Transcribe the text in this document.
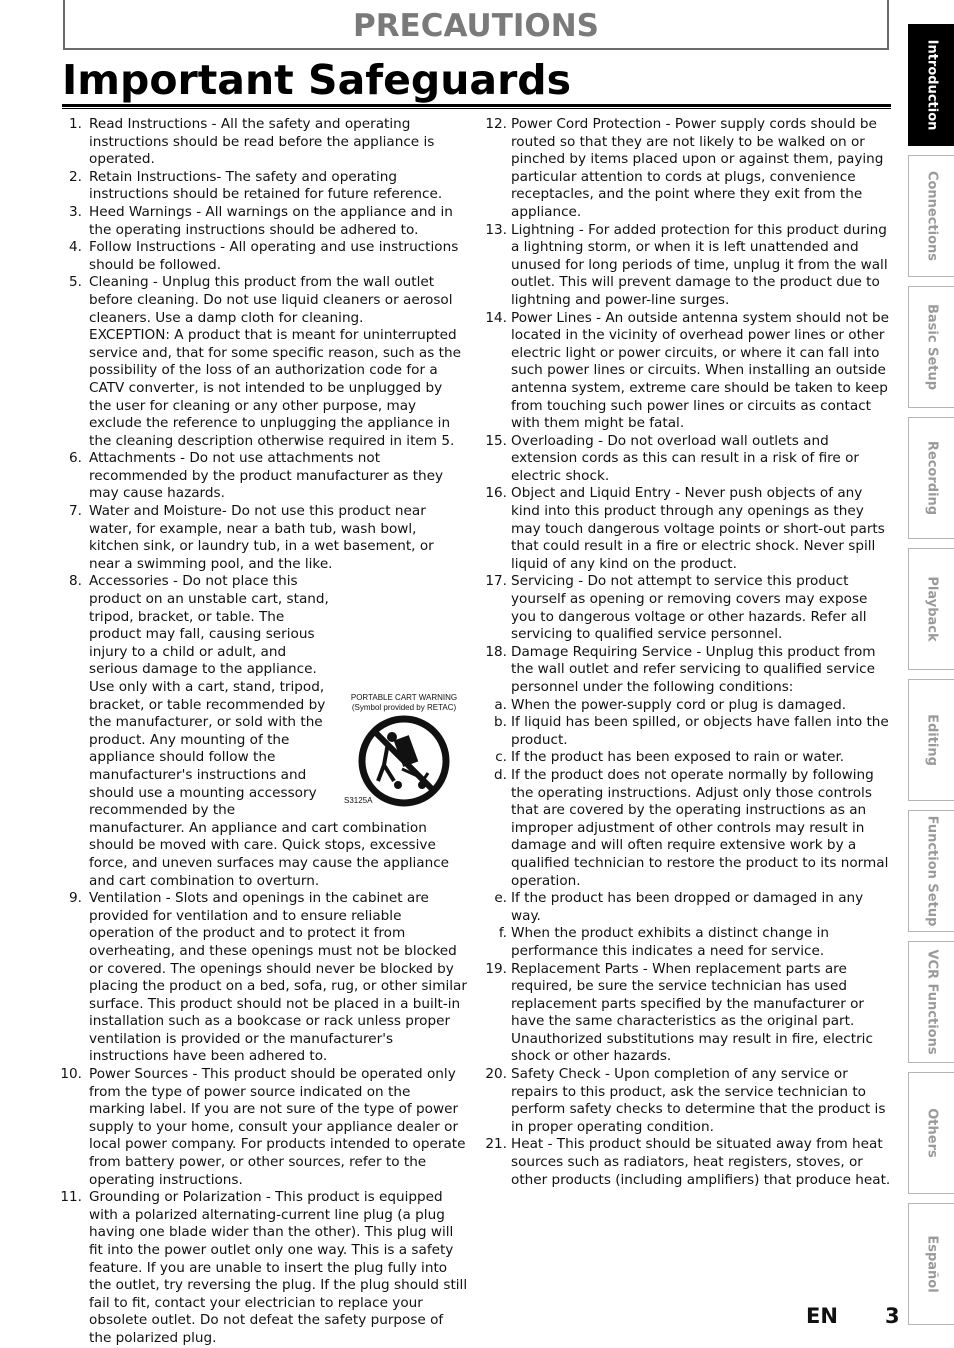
PRECAUTIONS
Important Safeguards
1. Read Instructions - All the safety and operating instructions should be read before the appliance is operated.
2. Retain Instructions- The safety and operating instructions should be retained for future reference.
3. Heed Warnings - All warnings on the appliance and in the operating instructions should be adhered to.
4. Follow Instructions - All operating and use instructions should be followed.
5. Cleaning - Unplug this product from the wall outlet before cleaning. Do not use liquid cleaners or aerosol cleaners. Use a damp cloth for cleaning.
EXCEPTION: A product that is meant for uninterrupted service and, that for some specific reason, such as the possibility of the loss of an authorization code for a CATV converter, is not intended to be unplugged by the user for cleaning or any other purpose, may exclude the reference to unplugging the appliance in the cleaning description otherwise required in item 5.
6. Attachments - Do not use attachments not recommended by the product manufacturer as they may cause hazards.
7. Water and Moisture- Do not use this product near water, for example, near a bath tub, wash bowl, kitchen sink, or laundry tub, in a wet basement, or near a swimming pool, and the like.
8.
PORTABLE CART WARNING
(Symbol provided by RETAC)
S3125A
Accessories - Do not place this product on an unstable cart, stand, tripod, bracket, or table. The product may fall, causing serious injury to a child or adult, and serious damage to the appliance. Use only with a cart, stand, tripod, bracket, or table recommended by the manufacturer, or sold with the product. Any mounting of the appliance should follow the manufacturer's instructions and should use a mounting accessory recommended by the manufacturer. An appliance and cart combination should be moved with care. Quick stops, excessive force, and uneven surfaces may cause the appliance and cart combination to overturn.
9. Ventilation - Slots and openings in the cabinet are provided for ventilation and to ensure reliable operation of the product and to protect it from overheating, and these openings must not be blocked or covered. The openings should never be blocked by placing the product on a bed, sofa, rug, or other similar surface. This product should not be placed in a built-in installation such as a bookcase or rack unless proper ventilation is provided or the manufacturer's instructions have been adhered to.
10. Power Sources - This product should be operated only from the type of power source indicated on the marking label. If you are not sure of the type of power supply to your home, consult your appliance dealer or local power company. For products intended to operate from battery power, or other sources, refer to the operating instructions.
11. Grounding or Polarization - This product is equipped with a polarized alternating-current line plug (a plug having one blade wider than the other). This plug will fit into the power outlet only one way. This is a safety feature. If you are unable to insert the plug fully into the outlet, try reversing the plug. If the plug should still fail to fit, contact your electrician to replace your obsolete outlet. Do not defeat the safety purpose of the polarized plug.
12. Power Cord Protection - Power supply cords should be routed so that they are not likely to be walked on or pinched by items placed upon or against them, paying particular attention to cords at plugs, convenience receptacles, and the point where they exit from the appliance.
13. Lightning - For added protection for this product during a lightning storm, or when it is left unattended and unused for long periods of time, unplug it from the wall outlet. This will prevent damage to the product due to lightning and power-line surges.
14. Power Lines - An outside antenna system should not be located in the vicinity of overhead power lines or other electric light or power circuits, or where it can fall into such power lines or circuits. When installing an outside antenna system, extreme care should be taken to keep from touching such power lines or circuits as contact with them might be fatal.
15. Overloading - Do not overload wall outlets and extension cords as this can result in a risk of fire or electric shock.
16. Object and Liquid Entry - Never push objects of any kind into this product through any openings as they may touch dangerous voltage points or short-out parts that could result in a fire or electric shock. Never spill liquid of any kind on the product.
17. Servicing - Do not attempt to service this product yourself as opening or removing covers may expose you to dangerous voltage or other hazards. Refer all servicing to qualified service personnel.
18. Damage Requiring Service - Unplug this product from the wall outlet and refer servicing to qualified service personnel under the following conditions:
a. When the power-supply cord or plug is damaged.
b. If liquid has been spilled, or objects have fallen into the product.
c. If the product has been exposed to rain or water.
d. If the product does not operate normally by following the operating instructions. Adjust only those controls that are covered by the operating instructions as an improper adjustment of other controls may result in damage and will often require extensive work by a qualified technician to restore the product to its normal operation.
e. If the product has been dropped or damaged in any way.
f. When the product exhibits a distinct change in performance this indicates a need for service.
19. Replacement Parts - When replacement parts are required, be sure the service technician has used replacement parts specified by the manufacturer or have the same characteristics as the original part. Unauthorized substitutions may result in fire, electric shock or other hazards.
20. Safety Check - Upon completion of any service or repairs to this product, ask the service technician to perform safety checks to determine that the product is in proper operating condition.
21. Heat - This product should be situated away from heat sources such as radiators, heat registers, stoves, or other products (including amplifiers) that produce heat.
Introduction
Connections
Basic Setup
Recording
Playback
Editing
Function Setup
VCR Functions
Others
Español
EN 3
